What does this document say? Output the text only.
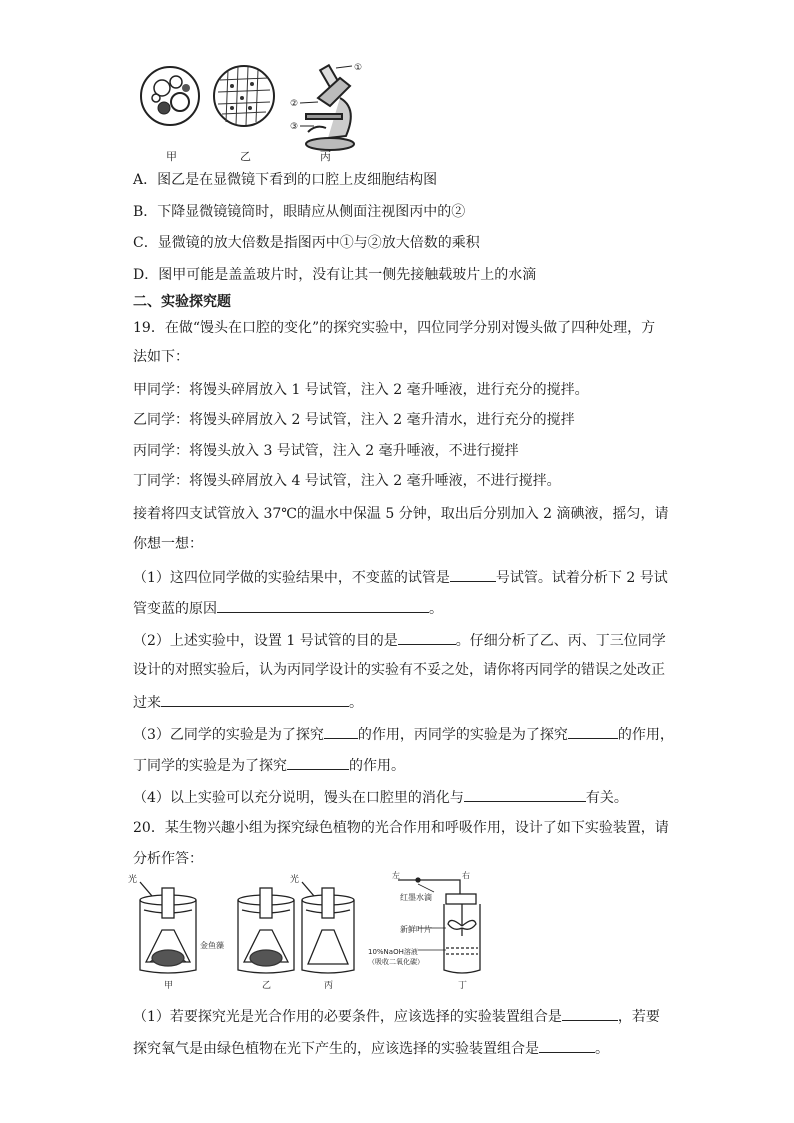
①
②
③
甲	乙	丙
A．图乙是在显微镜下看到的口腔上皮细胞结构图
B．下降显微镜镜筒时，眼睛应从侧面注视图丙中的②
C．显微镜的放大倍数是指图丙中①与②放大倍数的乘积
D．图甲可能是盖盖玻片时，没有让其一侧先接触载玻片上的水滴
二、实验探究题
19．在做“馒头在口腔的变化”的探究实验中，四位同学分别对馒头做了四种处理，方
法如下：
甲同学：将馒头碎屑放入 1 号试管，注入 2 毫升唾液，进行充分的搅拌。
乙同学：将馒头碎屑放入 2 号试管，注入 2 毫升清水，进行充分的搅拌
丙同学：将馒头放入 3 号试管，注入 2 毫升唾液，不进行搅拌
丁同学：将馒头碎屑放入 4 号试管，注入 2 毫升唾液，不进行搅拌。
接着将四支试管放入 37℃的温水中保温 5 分钟，取出后分别加入 2 滴碘液，摇匀，请
你想一想：
（1）这四位同学做的实验结果中，不变蓝的试管是	号试管。试着分析下 2 号试
管变蓝的原因	。
（2）上述实验中，设置 1 号试管的目的是	。仔细分析了乙、丙、丁三位同学
设计的对照实验后，认为丙同学设计的实验有不妥之处，请你将丙同学的错误之处改正
过来	。
（3）乙同学的实验是为了探究 的作用，丙同学的实验是为了探究	的作用，
丁同学的实验是为了探究	的作用。
（4）以上实验可以充分说明，馒头在口腔里的消化与	有关。
20．某生物兴趣小组为探究绿色植物的光合作用和呼吸作用，设计了如下实验装置，请
分析作答：
光	光
金鱼藻
左	右
红墨水滴
新鲜叶片
10%NaOH溶液
（吸收二氧化碳）
甲	乙	丙	丁
（1）若要探究光是光合作用的必要条件，应该选择的实验装置组合是	，若要
探究氧气是由绿色植物在光下产生的，应该选择的实验装置组合是	。
